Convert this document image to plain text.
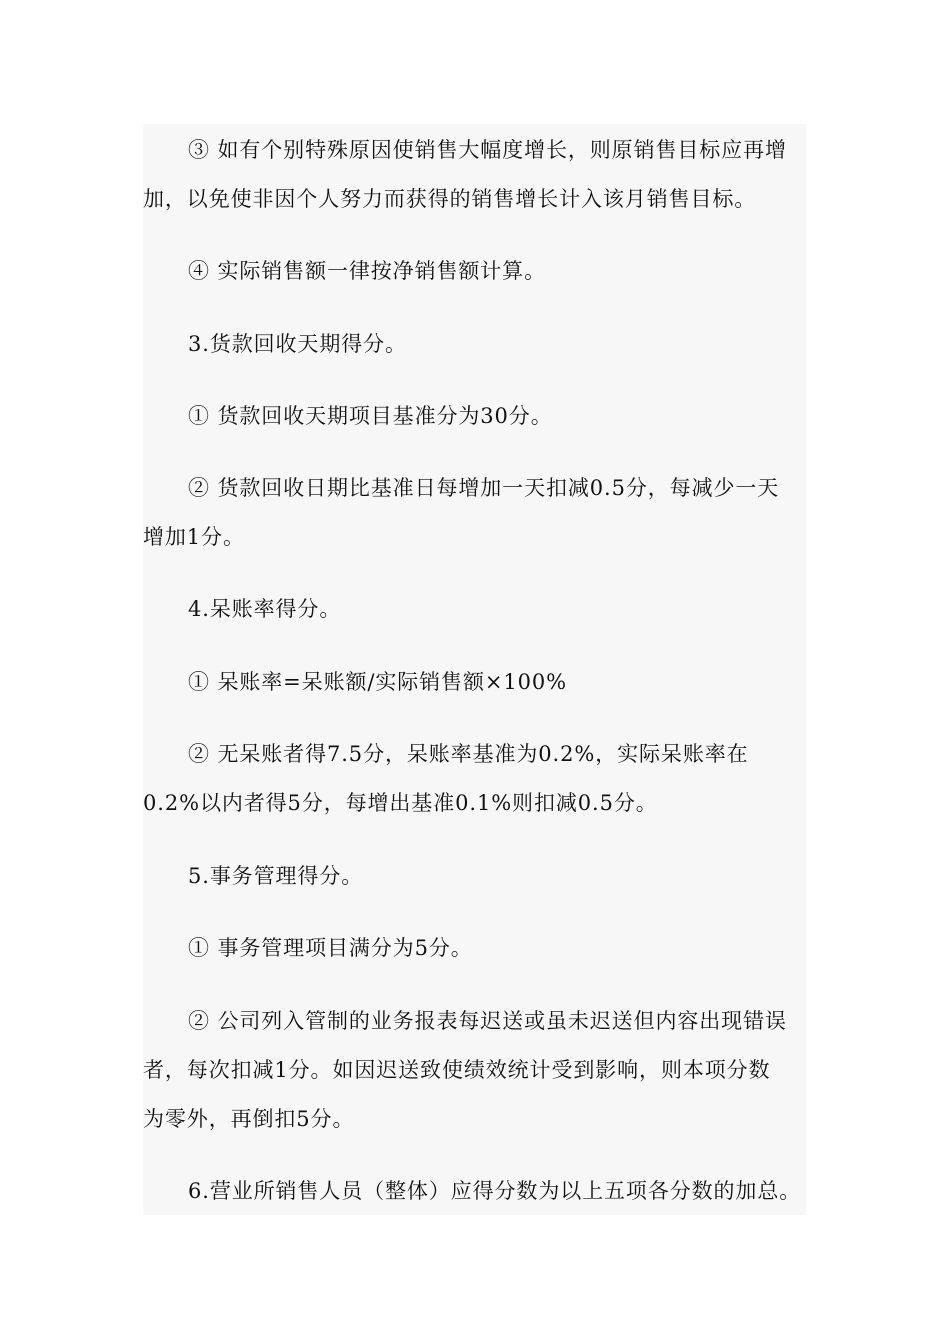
③ 如有个别特殊原因使销售大幅度增长，则原销售目标应再增
加，以免使非因个人努力而获得的销售增长计入该月销售目标。

④ 实际销售额一律按净销售额计算。

3.货款回收天期得分。

① 货款回收天期项目基准分为30分。

② 货款回收日期比基准日每增加一天扣减0.5分，每减少一天
增加1分。

4.呆账率得分。

① 呆账率=呆账额/实际销售额×100%

② 无呆账者得7.5分，呆账率基准为0.2%，实际呆账率在
0.2%以内者得5分，每增出基准0.1%则扣减0.5分。

5.事务管理得分。

① 事务管理项目满分为5分。

② 公司列入管制的业务报表每迟送或虽未迟送但内容出现错误
者，每次扣减1分。如因迟送致使绩效统计受到影响，则本项分数
为零外，再倒扣5分。

6.营业所销售人员（整体）应得分数为以上五项各分数的加总。
